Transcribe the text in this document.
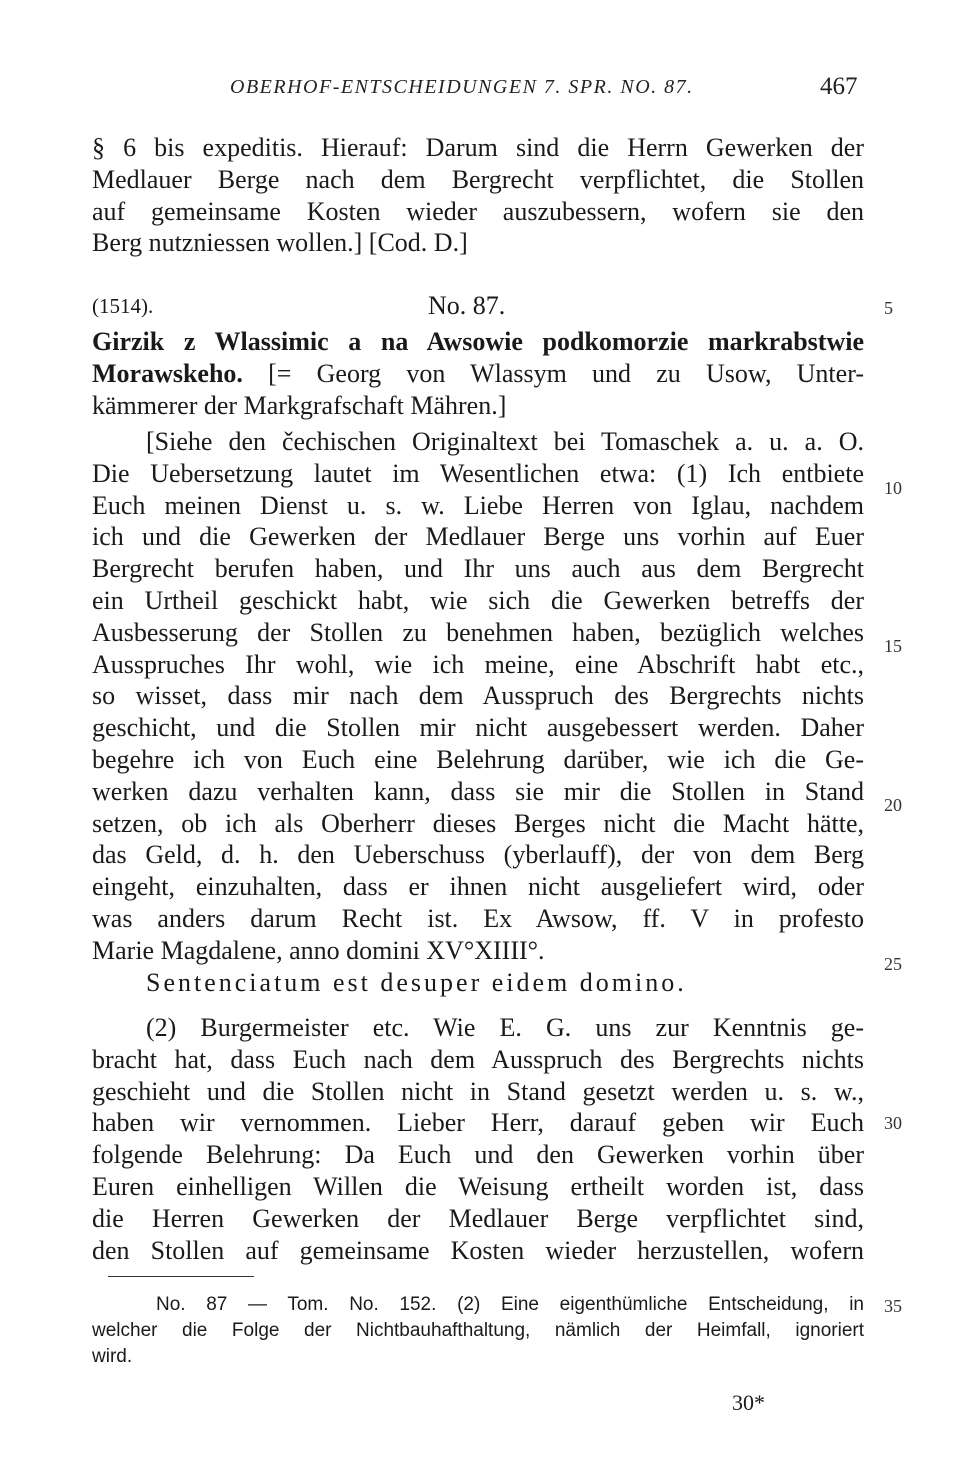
OBERHOF-ENTSCHEIDUNGEN 7. SPR. NO. 87.	467
§ 6 bis expeditis. Hierauf: Darum sind die Herrn Gewerken der
Medlauer Berge nach dem Bergrecht verpflichtet, die Stollen
auf gemeinsame Kosten wieder auszubessern, wofern sie den
Berg nutzniessen wollen.] [Cod. D.]
(1514).	No. 87.
Girzik z Wlassimic a na Awsowie podkomorzie markrabstwie
Morawskeho. [= Georg von Wlassym und zu Usow, Unter-
kämmerer der Markgrafschaft Mähren.]
[Siehe den čechischen Originaltext bei Tomaschek a. u. a. O.
Die Uebersetzung lautet im Wesentlichen etwa: (1) Ich entbiete
Euch meinen Dienst u. s. w. Liebe Herren von Iglau, nachdem
ich und die Gewerken der Medlauer Berge uns vorhin auf Euer
Bergrecht berufen haben, und Ihr uns auch aus dem Bergrecht
ein Urtheil geschickt habt, wie sich die Gewerken betreffs der
Ausbesserung der Stollen zu benehmen haben, bezüglich welches
Ausspruches Ihr wohl, wie ich meine, eine Abschrift habt etc.,
so wisset, dass mir nach dem Ausspruch des Bergrechts nichts
geschicht, und die Stollen mir nicht ausgebessert werden. Daher
begehre ich von Euch eine Belehrung darüber, wie ich die Ge-
werken dazu verhalten kann, dass sie mir die Stollen in Stand
setzen, ob ich als Oberherr dieses Berges nicht die Macht hätte,
das Geld, d. h. den Ueberschuss (yberlauff), der von dem Berg
eingeht, einzuhalten, dass er ihnen nicht ausgeliefert wird, oder
was anders darum Recht ist. Ex Awsow, ff. V in profesto
Marie Magdalene, anno domini XV°XIIII°.
Sentenciatum est desuper eidem domino.
(2) Burgermeister etc. Wie E. G. uns zur Kenntnis ge-
bracht hat, dass Euch nach dem Ausspruch des Bergrechts nichts
geschieht und die Stollen nicht in Stand gesetzt werden u. s. w.,
haben wir vernommen. Lieber Herr, darauf geben wir Euch
folgende Belehrung: Da Euch und den Gewerken vorhin über
Euren einhelligen Willen die Weisung ertheilt worden ist, dass
die Herren Gewerken der Medlauer Berge verpflichtet sind,
den Stollen auf gemeinsame Kosten wieder herzustellen, wofern
No. 87 — Tom. No. 152. (2) Eine eigenthümliche Entscheidung, in
welcher die Folge der Nichtbauhafthaltung, nämlich der Heimfall, ignoriert
wird.
30*
5
10
15
20
25
30
35
